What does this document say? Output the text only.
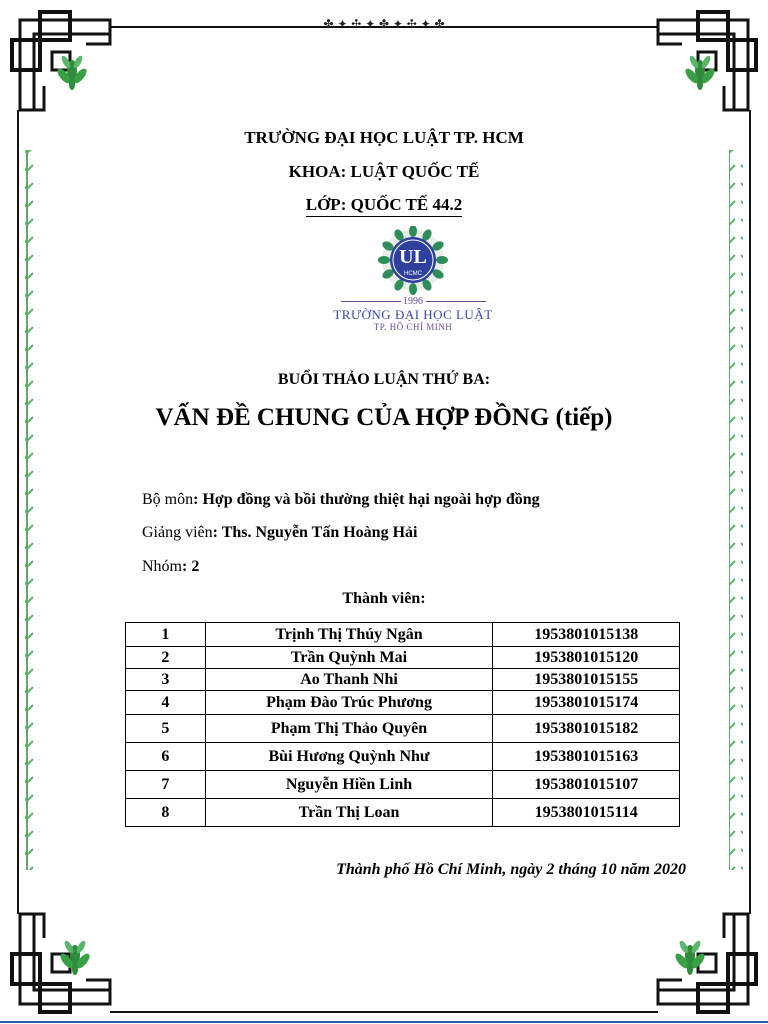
✤ ✦ ✣ ✦ ✤ ✦ ✣ ✦ ✤
TRƯỜNG ĐẠI HỌC LUẬT TP. HCM
KHOA: LUẬT QUỐC TẾ
LỚP: QUỐC TẾ 44.2
UL
HCMC
1996
TRƯỜNG ĐẠI HỌC LUẬT
TP. HỒ CHÍ MINH
BUỔI THẢO LUẬN THỨ BA:
VẤN ĐỀ CHUNG CỦA HỢP ĐỒNG (tiếp)
Bộ môn: Hợp đồng và bồi thường thiệt hại ngoài hợp đồng
Giảng viên: Ths. Nguyễn Tấn Hoàng Hải
Nhóm: 2
Thành viên:
1	Trịnh Thị Thúy Ngân	1953801015138
2	Trần Quỳnh Mai	1953801015120
3	Ao Thanh Nhi	1953801015155
4	Phạm Đào Trúc Phương	1953801015174
5	Phạm Thị Thảo Quyên	1953801015182
6	Bùi Hương Quỳnh Như	1953801015163
7	Nguyễn Hiền Linh	1953801015107
8	Trần Thị Loan	1953801015114
Thành phố Hồ Chí Minh, ngày 2 tháng 10 năm 2020
